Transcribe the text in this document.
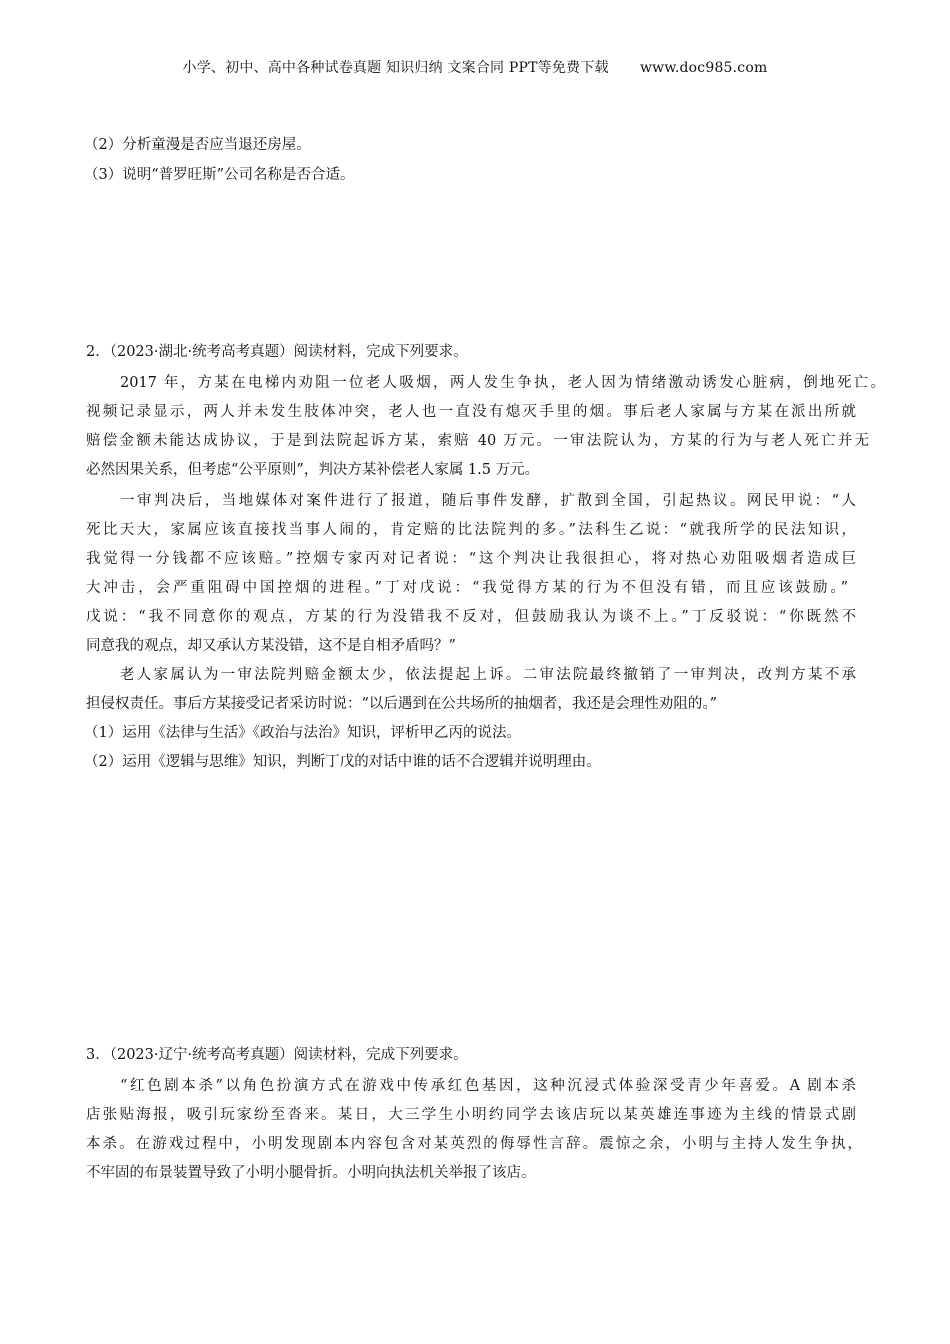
小学、初中、高中各种试卷真题 知识归纳 文案合同 PPT等免费下载 www.doc985.com
（2）分析童漫是否应当退还房屋。
（3）说明“普罗旺斯”公司名称是否合适。
2．（2023·湖北·统考高考真题）阅读材料，完成下列要求。
2017 年，方某在电梯内劝阻一位老人吸烟，两人发生争执，老人因为情绪激动诱发心脏病，倒地死亡。
视频记录显示，两人并未发生肢体冲突，老人也一直没有熄灭手里的烟。事后老人家属与方某在派出所就
赔偿金额未能达成协议，于是到法院起诉方某，索赔 40 万元。一审法院认为，方某的行为与老人死亡并无
必然因果关系，但考虑“公平原则”，判决方某补偿老人家属 1.5 万元。
一审判决后，当地媒体对案件进行了报道，随后事件发酵，扩散到全国，引起热议。网民甲说：“人
死比天大，家属应该直接找当事人闹的，肯定赔的比法院判的多。”法科生乙说：“就我所学的民法知识，
我觉得一分钱都不应该赔。”控烟专家丙对记者说：“这个判决让我很担心，将对热心劝阻吸烟者造成巨
大冲击，会严重阻碍中国控烟的进程。”丁对戊说：“我觉得方某的行为不但没有错，而且应该鼓励。”
戊说：“我不同意你的观点，方某的行为没错我不反对，但鼓励我认为谈不上。”丁反驳说：“你既然不
同意我的观点，却又承认方某没错，这不是自相矛盾吗？”
老人家属认为一审法院判赔金额太少，依法提起上诉。二审法院最终撤销了一审判决，改判方某不承
担侵权责任。事后方某接受记者采访时说：“以后遇到在公共场所的抽烟者，我还是会理性劝阻的。”
（1）运用《法律与生活》《政治与法治》知识，评析甲乙丙的说法。
（2）运用《逻辑与思维》知识，判断丁戊的对话中谁的话不合逻辑并说明理由。
3．（2023·辽宁·统考高考真题）阅读材料，完成下列要求。
“红色剧本杀”以角色扮演方式在游戏中传承红色基因，这种沉浸式体验深受青少年喜爱。A 剧本杀
店张贴海报，吸引玩家纷至沓来。某日，大三学生小明约同学去该店玩以某英雄连事迹为主线的情景式剧
本杀。在游戏过程中，小明发现剧本内容包含对某英烈的侮辱性言辞。震惊之余，小明与主持人发生争执，
不牢固的布景装置导致了小明小腿骨折。小明向执法机关举报了该店。
